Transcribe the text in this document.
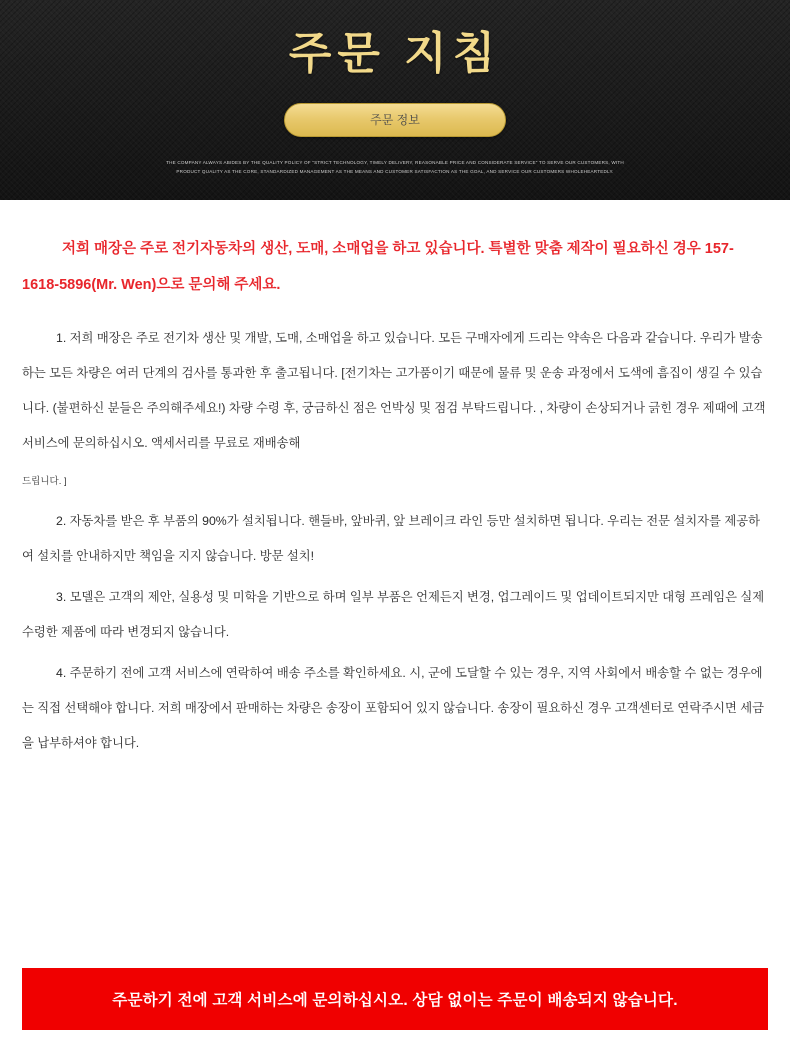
주문 지침
주문 정보
THE COMPANY ALWAYS ABIDES BY THE QUALITY POLICY OF "STRICT TECHNOLOGY, TIMELY DELIVERY, REASONABLE PRICE AND CONSIDERATE SERVICE" TO SERVE OUR CUSTOMERS, WITH
PRODUCT QUALITY AS THE CORE, STANDARDIZED MANAGEMENT AS THE MEANS AND CUSTOMER SATISFACTION AS THE GOAL, AND SERVICE OUR CUSTOMERS WHOLEHEARTEDLY.

저희 매장은 주로 전기자동차의 생산, 도매, 소매업을 하고 있습니다. 특별한 맞춤 제작이 필요하신 경우 157-1618-5896(Mr. Wen)으로 문의해 주세요.

1. 저희 매장은 주로 전기차 생산 및 개발, 도매, 소매업을 하고 있습니다. 모든 구매자에게 드리는 약속은 다음과 같습니다. 우리가 발송하는 모든 차량은 여러 단계의 검사를 통과한 후 출고됩니다. [전기차는 고가품이기 때문에 물류 및 운송 과정에서 도색에 흠집이 생길 수 있습니다. (불편하신 분들은 주의해주세요!) 차량 수령 후, 궁금하신 점은 언박싱 및 점검 부탁드립니다. , 차량이 손상되거나 긁힌 경우 제때에 고객 서비스에 문의하십시오. 액세서리를 무료로 재배송해

드립니다. ]

2. 자동차를 받은 후 부품의 90%가 설치됩니다. 핸들바, 앞바퀴, 앞 브레이크 라인 등만 설치하면 됩니다. 우리는 전문 설치자를 제공하여 설치를 안내하지만 책임을 지지 않습니다. 방문 설치!

3. 모델은 고객의 제안, 실용성 및 미학을 기반으로 하며 일부 부품은 언제든지 변경, 업그레이드 및 업데이트되지만 대형 프레임은 실제 수령한 제품에 따라 변경되지 않습니다.

4. 주문하기 전에 고객 서비스에 연락하여 배송 주소를 확인하세요. 시, 군에 도달할 수 있는 경우, 지역 사회에서 배송할 수 없는 경우에는 직접 선택해야 합니다. 저희 매장에서 판매하는 차량은 송장이 포함되어 있지 않습니다. 송장이 필요하신 경우 고객센터로 연락주시면 세금을 납부하셔야 합니다.

주문하기 전에 고객 서비스에 문의하십시오. 상담 없이는 주문이 배송되지 않습니다.
